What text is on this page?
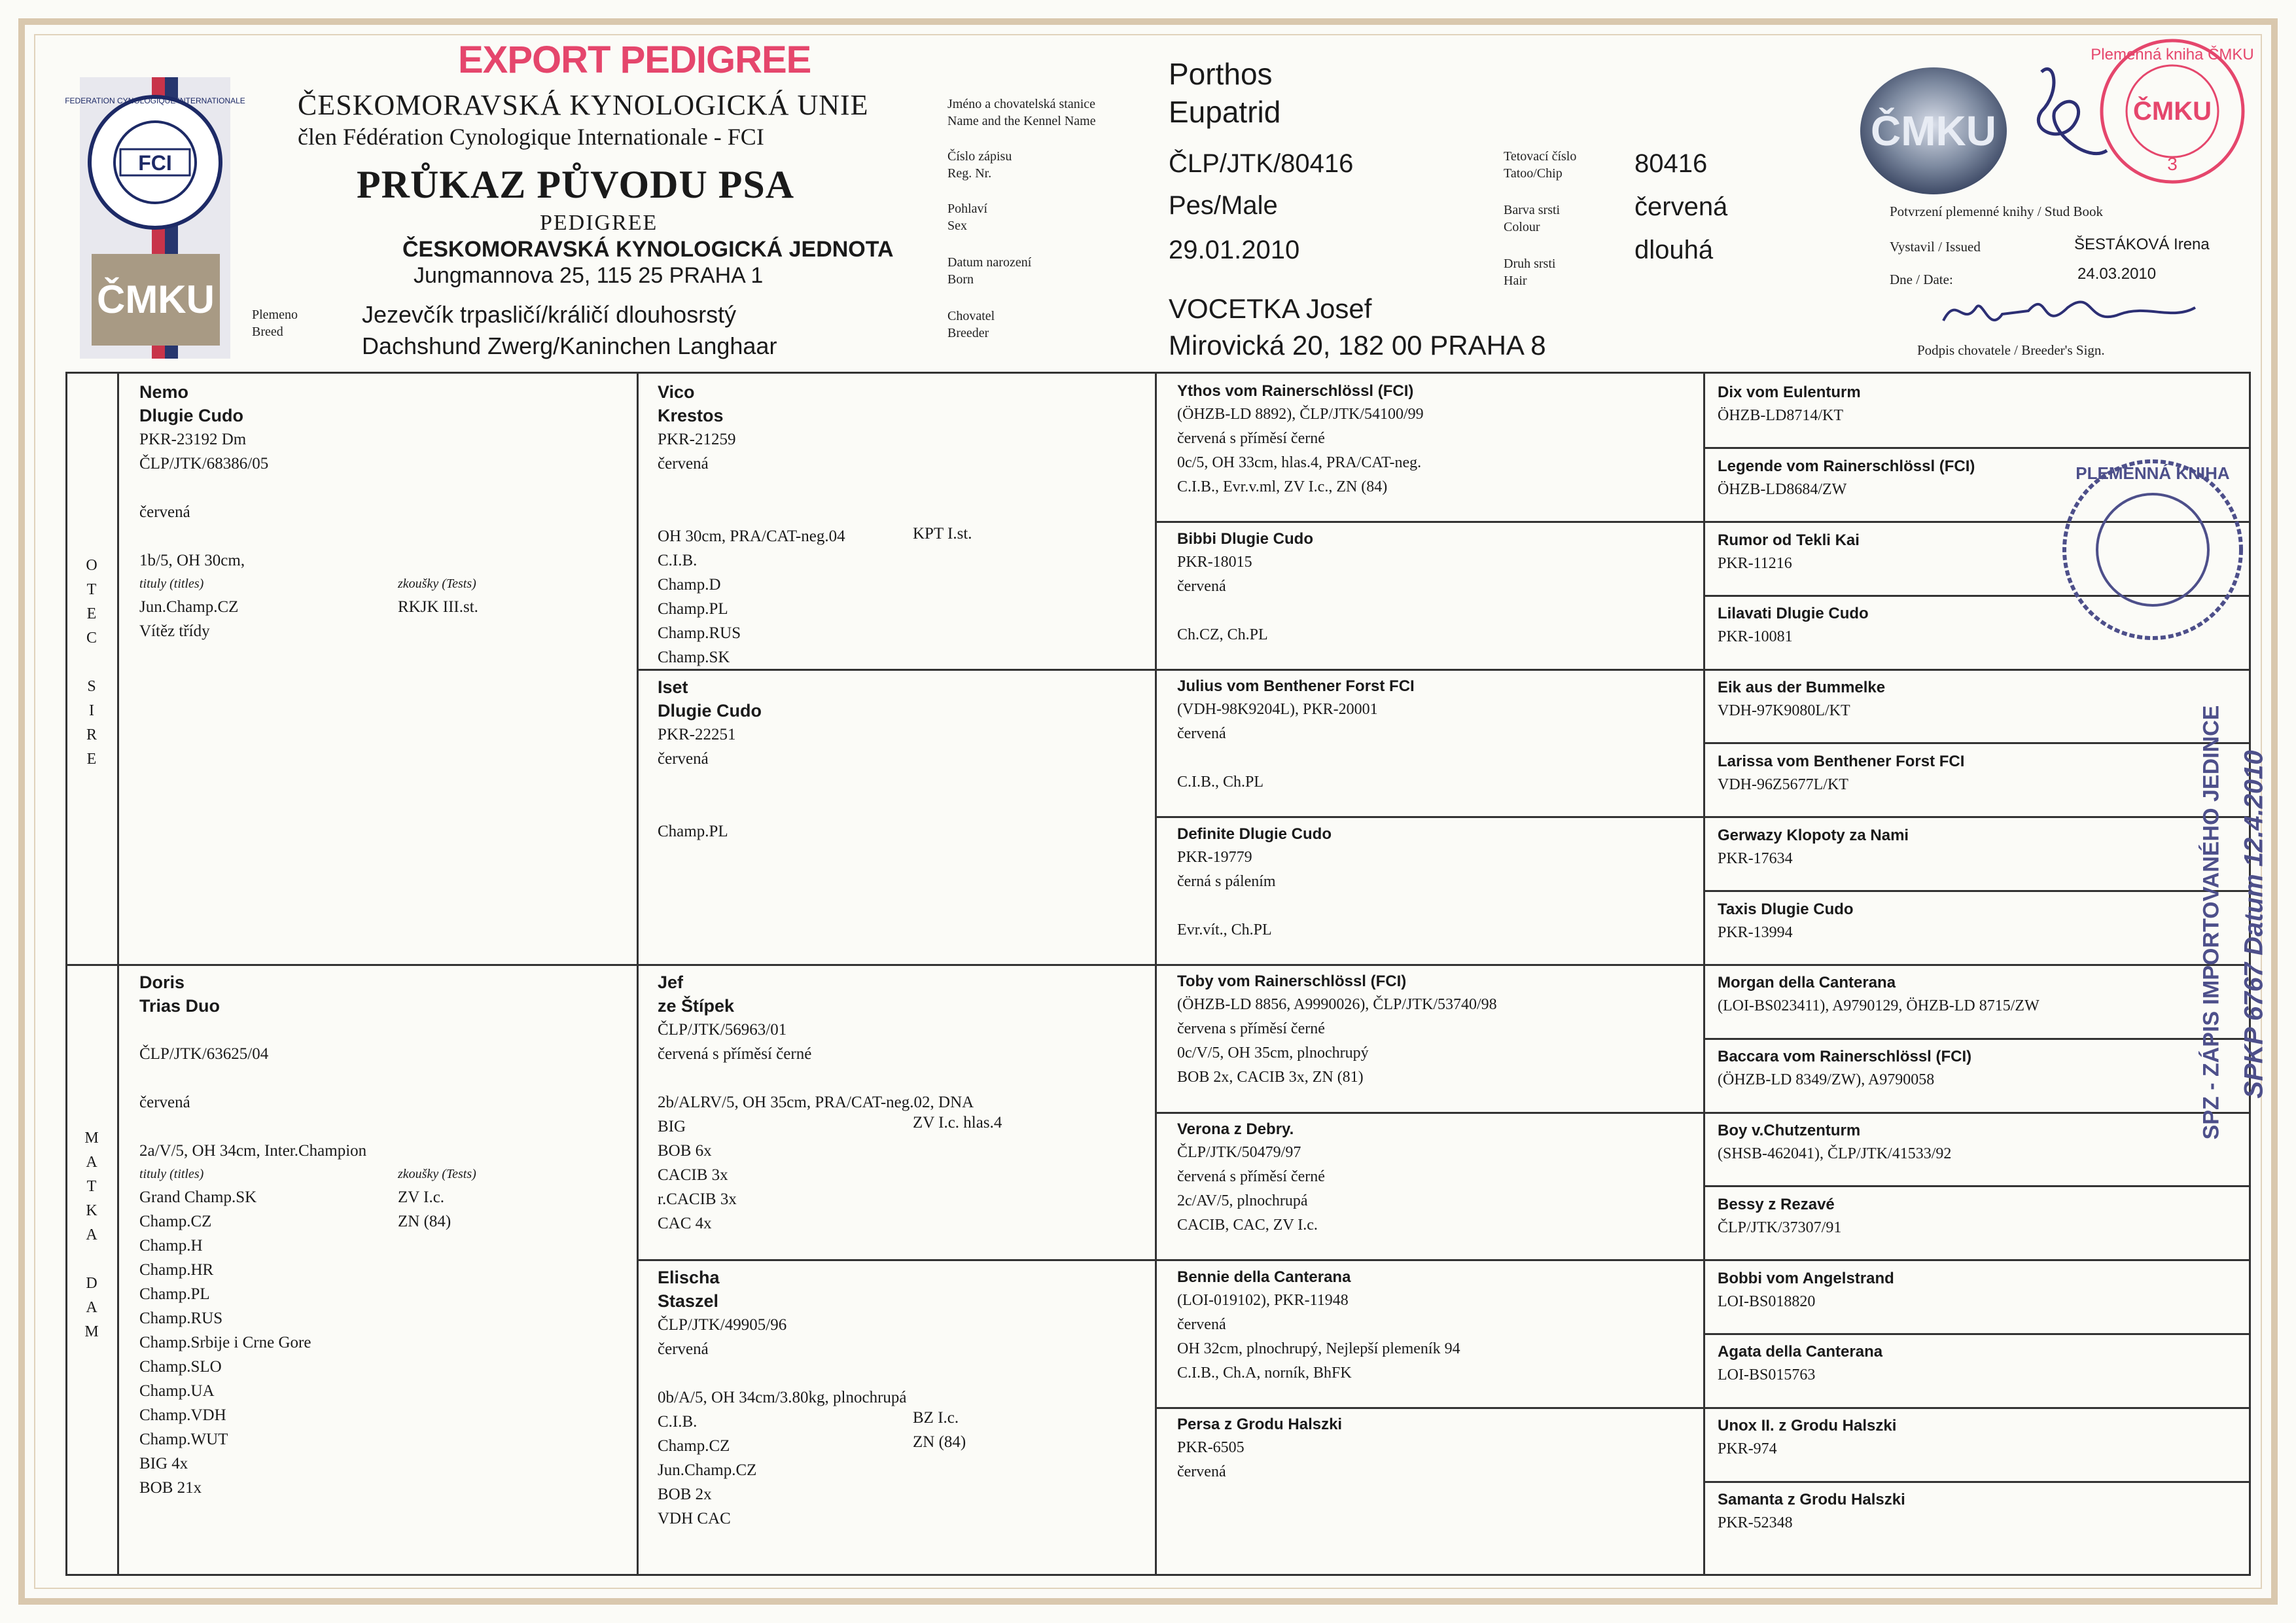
FCI
FEDERATION CYNOLOGIQUE INTERNATIONALE
ČMKU
EXPORT PEDIGREE
ČESKOMORAVSKÁ KYNOLOGICKÁ UNIE
člen Fédération Cynologique Internationale - FCI
PRŮKAZ PŮVODU PSA
PEDIGREE
ČESKOMORAVSKÁ KYNOLOGICKÁ JEDNOTA
Jungmannova 25, 115 25 PRAHA 1
Plemeno
Breed
Jezevčík trpasličí/králičí dlouhosrstý
Dachshund Zwerg/Kaninchen Langhaar
Jméno a chovatelská stanice
Name and the Kennel Name
Číslo zápisu
Reg. Nr.
Pohlaví
Sex
Datum narození
Born
Chovatel
Breeder
Porthos
Eupatrid
ČLP/JTK/80416
Pes/Male
29.01.2010
VOCETKA Josef
Mirovická 20, 182 00 PRAHA 8
Tetovací číslo
Tatoo/Chip
Barva srsti
Colour
Druh srsti
Hair
80416
červená
dlouhá
ČMKU
Plemenná kniha ČMKU
ČMKU
3
Potvrzení plemenné knihy / Stud Book
Vystavil / Issued	ŠESTÁKOVÁ Irena
Dne / Date:	24.03.2010
Podpis chovatele / Breeder's Sign.
O
T
E
C
S
I
R
E
M
A
T
K
A
D
A
M
Nemo
Dlugie Cudo
PKR-23192 Dm
ČLP/JTK/68386/05

červená

1b/5, OH 30cm,
tituly (titles)
Jun.Champ.CZ
Vítěz třídy
zkoušky (Tests)
RKJK III.st.
Doris
Trias Duo

ČLP/JTK/63625/04

červená

2a/V/5, OH 34cm, Inter.Champion
tituly (titles)
Grand Champ.SK
Champ.CZ
Champ.H
Champ.HR
Champ.PL
Champ.RUS
Champ.Srbije i Crne Gore
Champ.SLO
Champ.UA
Champ.VDH
Champ.WUT
BIG 4x
BOB 21x
zkoušky (Tests)
ZV I.c.
ZN (84)
Vico
Krestos
PKR-21259
červená

OH 30cm, PRA/CAT-neg.04
C.I.B.
Champ.D
Champ.PL
Champ.RUS
Champ.SK
KPT I.st.
Iset
Dlugie Cudo
PKR-22251
červená

Champ.PL
Jef
ze Štípek
ČLP/JTK/56963/01
červená s příměsí černé

2b/ALRV/5, OH 35cm, PRA/CAT-neg.02, DNA
BIG
BOB 6x
CACIB 3x
r.CACIB 3x
CAC 4x
ZV I.c. hlas.4
Elischa
Staszel
ČLP/JTK/49905/96
červená

0b/A/5, OH 34cm/3.80kg, plnochrupá
C.I.B.
Champ.CZ
Jun.Champ.CZ
BOB 2x
VDH CAC
BZ I.c.
ZN (84)
Ythos vom Rainerschlössl (FCI)
(ÖHZB-LD 8892), ČLP/JTK/54100/99
červená s příměsí černé
0c/5, OH 33cm, hlas.4, PRA/CAT-neg.
C.I.B., Evr.v.ml, ZV I.c., ZN (84)
Bibbi Dlugie Cudo
PKR-18015
červená

Ch.CZ, Ch.PL
Julius vom Benthener Forst FCI
(VDH-98K9204L), PKR-20001
červená

C.I.B., Ch.PL
Definite Dlugie Cudo
PKR-19779
černá s pálením

Evr.vít., Ch.PL
Toby vom Rainerschlössl (FCI)
(ÖHZB-LD 8856, A9990026), ČLP/JTK/53740/98
červena s příměsí černé
0c/V/5, OH 35cm, plnochrupý
BOB 2x, CACIB 3x, ZN (81)
Verona z Debry.
ČLP/JTK/50479/97
červená s příměsí černé
2c/AV/5, plnochrupá
CACIB, CAC, ZV I.c.
Bennie della Canterana
(LOI-019102), PKR-11948
červená
OH 32cm, plnochrupý, Nejlepší plemeník 94
C.I.B., Ch.A, norník, BhFK
Persa z Grodu Halszki
PKR-6505
červená

Dix vom Eulenturm
ÖHZB-LD8714/KT
Legende vom Rainerschlössl (FCI)
ÖHZB-LD8684/ZW
Rumor od Tekli Kai
PKR-11216
Lilavati Dlugie Cudo
PKR-10081
Eik aus der Bummelke
VDH-97K9080L/KT
Larissa vom Benthener Forst FCI
VDH-96Z5677L/KT
Gerwazy Klopoty za Nami
PKR-17634
Taxis Dlugie Cudo
PKR-13994
Morgan della Canterana
(LOI-BS023411), A9790129, ÖHZB-LD 8715/ZW
Baccara vom Rainerschlössl (FCI)
(ÖHZB-LD 8349/ZW), A9790058
Boy v.Chutzenturm
(SHSB-462041), ČLP/JTK/41533/92
Bessy z Rezavé
ČLP/JTK/37307/91
Bobbi vom Angelstrand
LOI-BS018820
Agata della Canterana
LOI-BS015763
Unox II. z Grodu Halszki
PKR-974
Samanta z Grodu Halszki
PKR-52348
PLEMENNÁ KNIHA
SPZ - ZÁPIS IMPORTOVANÉHO JEDINCE SPKP 6767 Datum 12.4.2010
